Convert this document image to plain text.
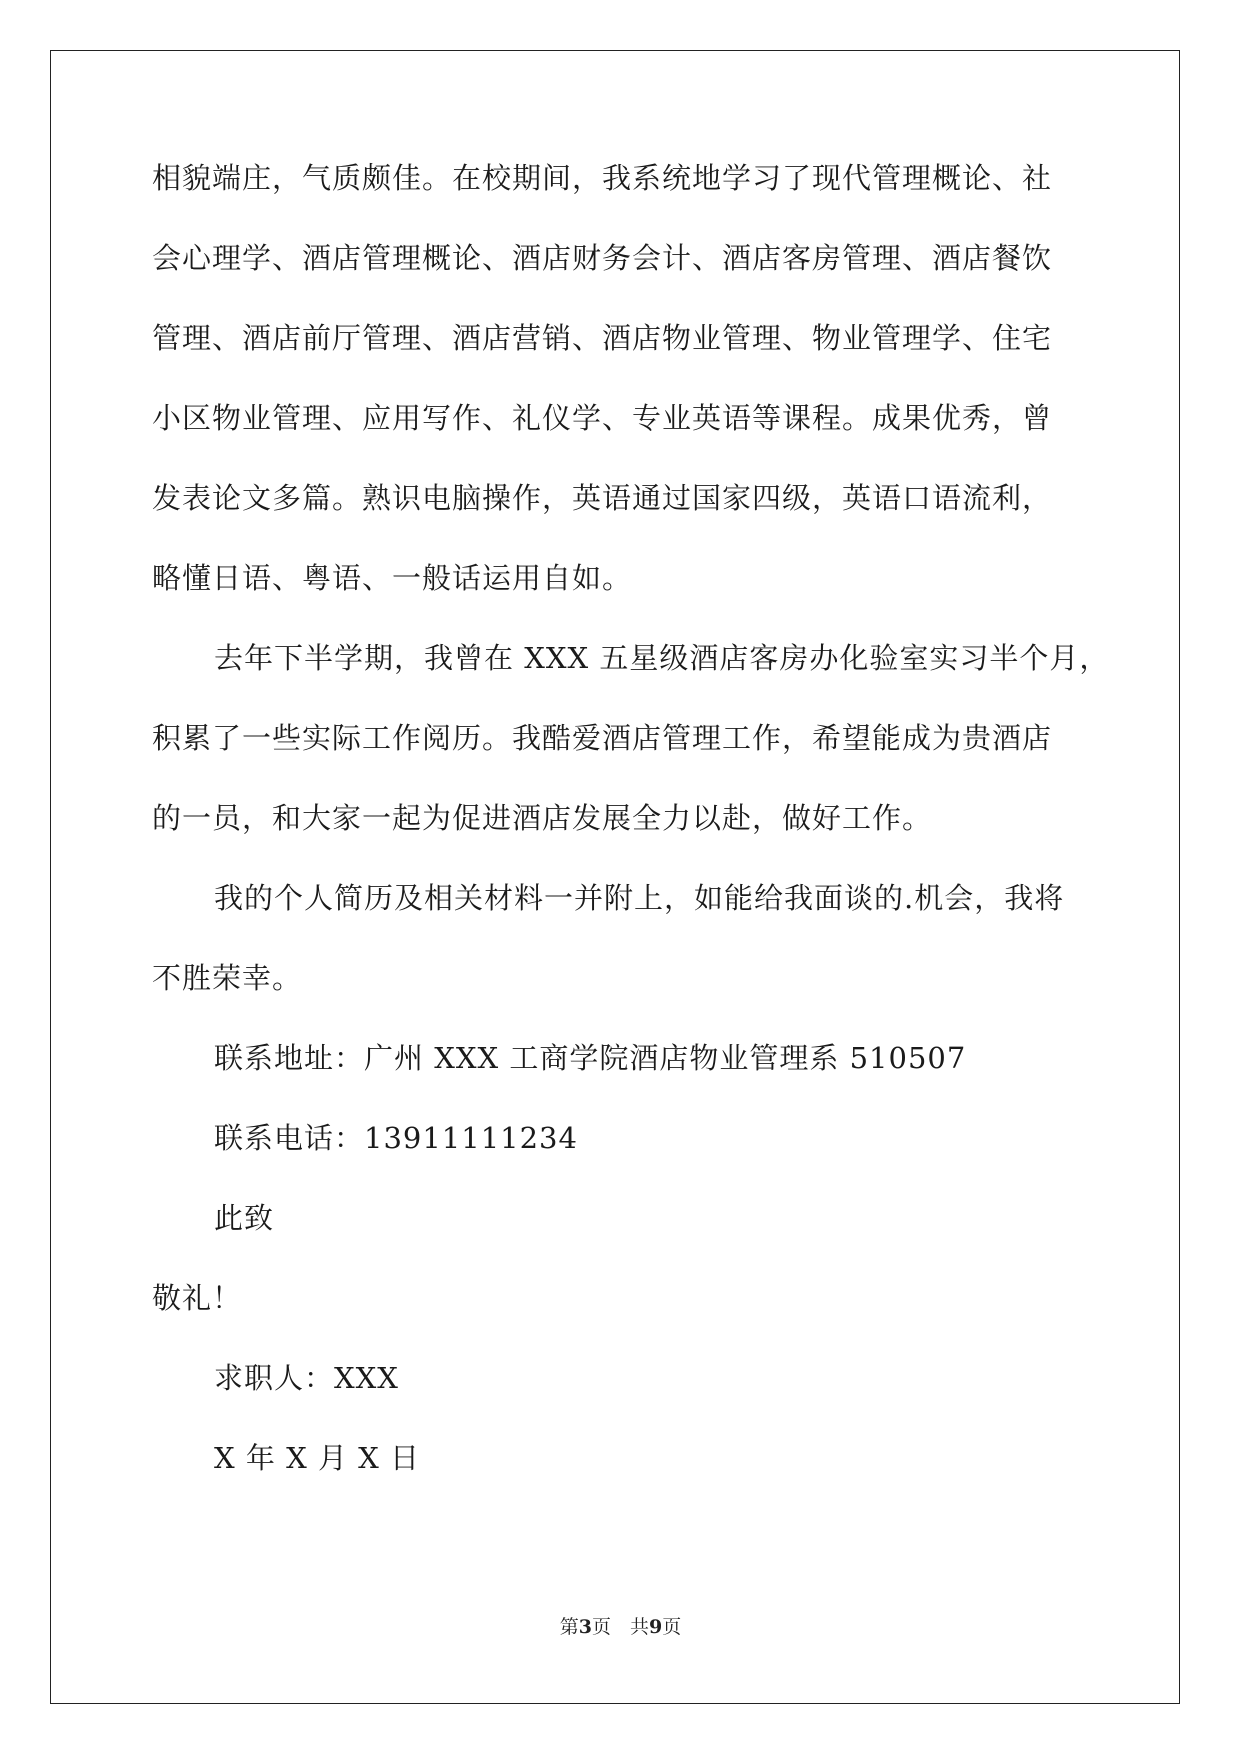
相貌端庄，气质颇佳。在校期间，我系统地学习了现代管理概论、社
会心理学、酒店管理概论、酒店财务会计、酒店客房管理、酒店餐饮
管理、酒店前厅管理、酒店营销、酒店物业管理、物业管理学、住宅
小区物业管理、应用写作、礼仪学、专业英语等课程。成果优秀，曾
发表论文多篇。熟识电脑操作，英语通过国家四级，英语口语流利，
略懂日语、粤语、一般话运用自如。
去年下半学期，我曾在 XXX 五星级酒店客房办化验室实习半个月，
积累了一些实际工作阅历。我酷爱酒店管理工作，希望能成为贵酒店
的一员，和大家一起为促进酒店发展全力以赴，做好工作。
我的个人简历及相关材料一并附上，如能给我面谈的.机会，我将
不胜荣幸。
联系地址：广州 XXX 工商学院酒店物业管理系 510507
联系电话：13911111234
此致
敬礼！
求职人：XXX
X 年 X 月 X 日
第3页　共9页
